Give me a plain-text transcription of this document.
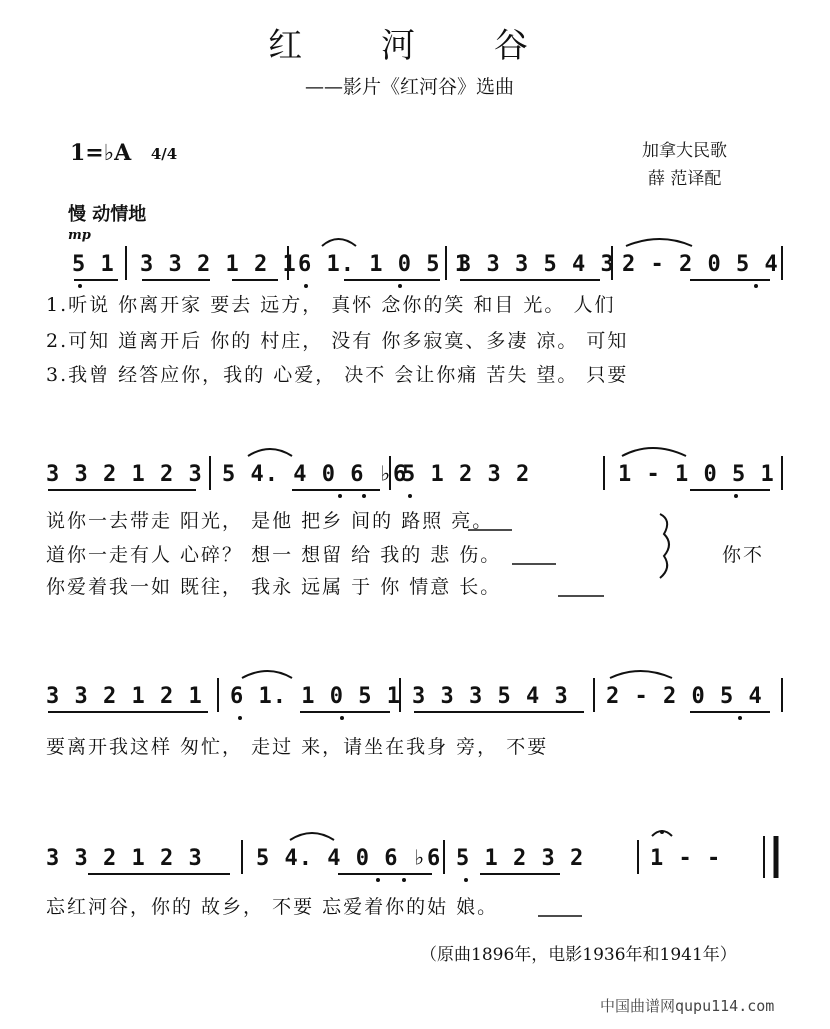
红 河 谷
——影片《红河谷》选曲
1=♭A 4/4	加拿大民歌
薛 范译配
慢 动情地
mp
5 1 3 3 2 1 2 1 6 1. 1 0 5 1
3 3 3 5 4 3 2 - 2 0 5 4
1.听说 你离开家 要去 远方， 真怀 念你的笑 和目 光。 人们
2.可知 道离开后 你的 村庄， 没有 你多寂寞、多凄 凉。 可知
3.我曾 经答应你，我的 心爱， 决不 会让你痛 苦失 望。 只要
3 3 2 1 2 3 5 4. 4 0 6 ♭6
5 1 2 3 2	1 - 1 0 5 1
说你一去带走 阳光， 是他 把乡 间的 路照 亮。
道你一走有人 心碎？ 想一 想留 给 我的 悲 伤。
你爱着我一如 既往， 我永 远属 于 你 情意 长。
你不
3 3 2 1 2 1 6 1. 1 0 5 1 3 3 3 5 4 3 2 - 2 0 5 4
要离开我这样 匆忙， 走过 来，请坐在我身 旁， 不要
3 3 2 1 2 3 5 4. 4 0 6 ♭6 5 1 2 3 2	1 - -
忘红河谷，你的 故乡， 不要 忘爱着你的姑 娘。
（原曲1896年，电影1936年和1941年）
中国曲谱网qupu114.com
